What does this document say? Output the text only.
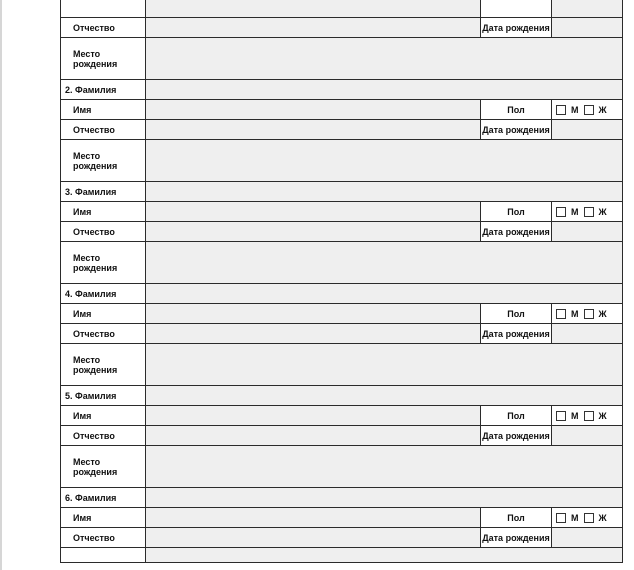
Отчество		Дата рождения	
Место рождения			
2. Фамилия			
Имя		Пол	М Ж

Отчество		Дата рождения	
Место рождения			
3. Фамилия			
Имя		Пол	М Ж

Отчество		Дата рождения	
Место рождения			
4. Фамилия			
Имя		Пол	М Ж

Отчество		Дата рождения	
Место рождения			
5. Фамилия			
Имя		Пол	М Ж

Отчество		Дата рождения	
Место рождения			
6. Фамилия			
Имя		Пол	М Ж

Отчество		Дата рождения	
